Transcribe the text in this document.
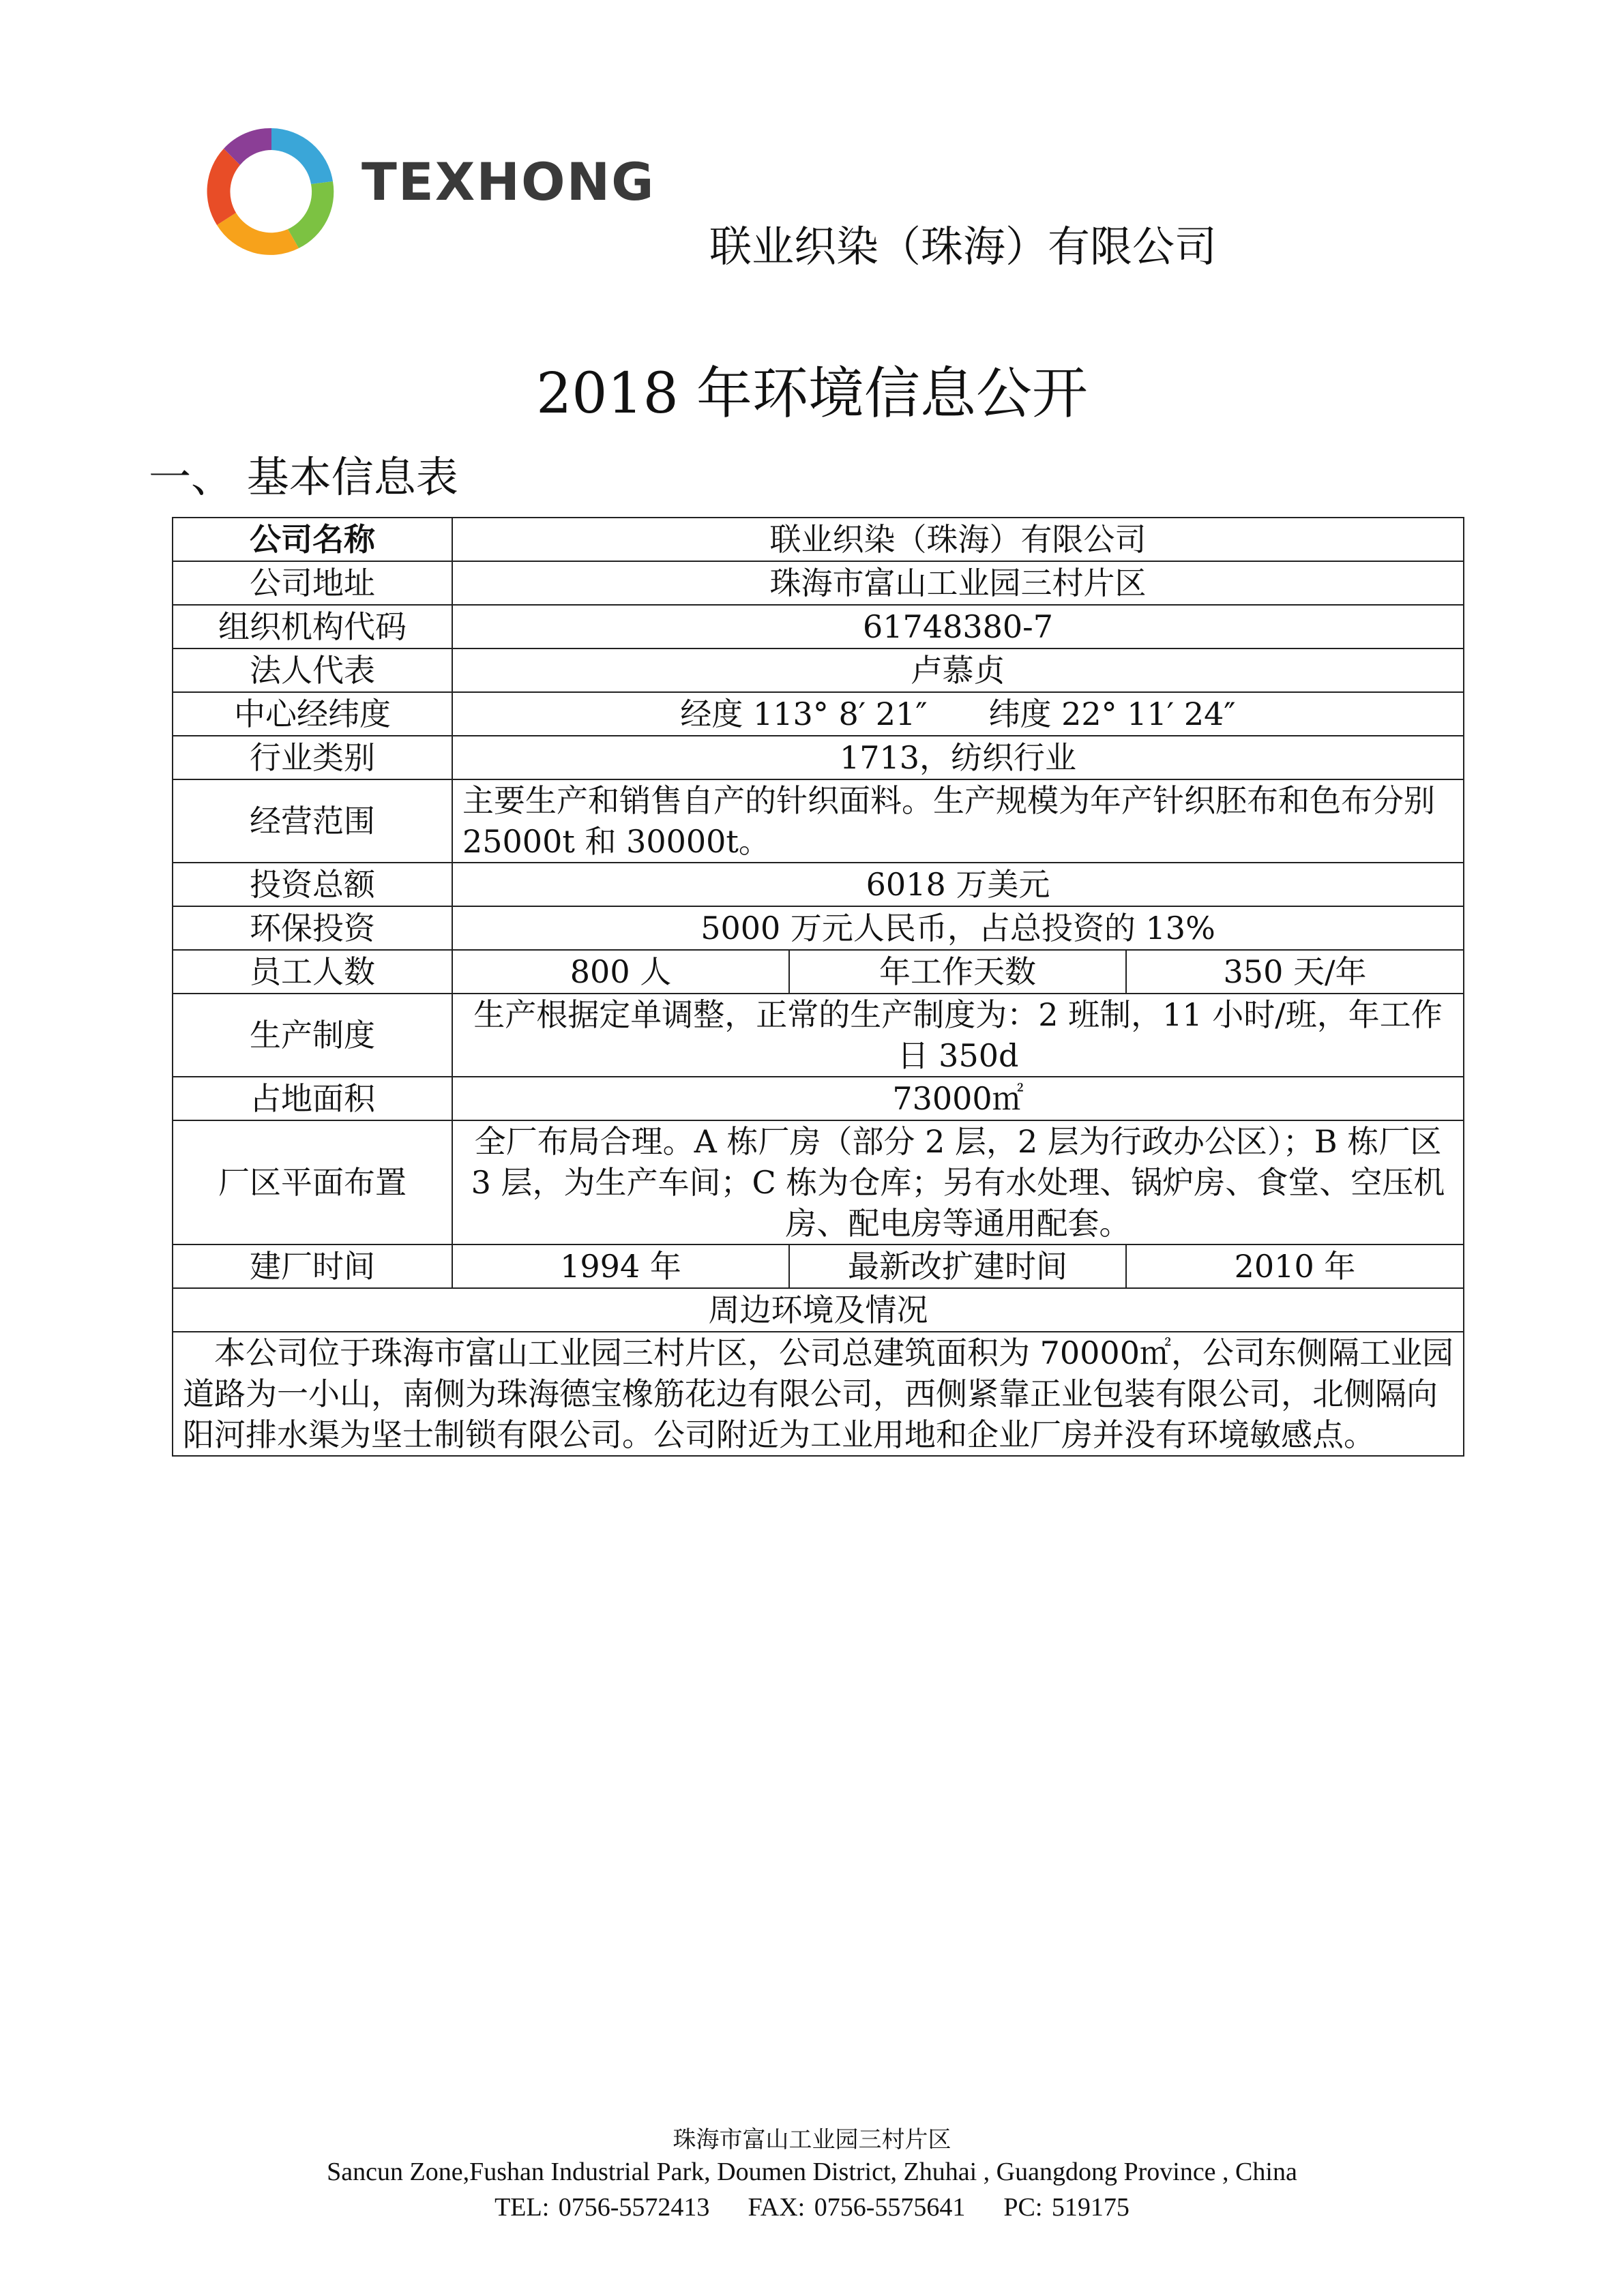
TEXHONG
联业织染（珠海）有限公司
2018 年环境信息公开
一、 基本信息表
公司名称	联业织染（珠海）有限公司		
公司地址	珠海市富山工业园三村片区		
组织机构代码	61748380-7		
法人代表	卢慕贞		
中心经纬度	经度 113° 8′ 21″ 纬度 22° 11′ 24″		
行业类别	1713，纺织行业		
经营范围	主要生产和销售自产的针织面料。生产规模为年产针织胚布和色布分别 25000t 和 30000t。		
投资总额	6018 万美元		
环保投资	5000 万元人民币，占总投资的 13%		
员工人数	800 人	年工作天数	350 天/年
生产制度	生产根据定单调整，正常的生产制度为：2 班制，11 小时/班，年工作日 350d		
占地面积	73000㎡		
厂区平面布置	全厂布局合理。A 栋厂房（部分 2 层，2 层为行政办公区）；B 栋厂区 3 层，为生产车间；C 栋为仓库；另有水处理、锅炉房、食堂、空压机房、配电房等通用配套。		
建厂时间	1994 年	最新改扩建时间	2010 年
周边环境及情况			
本公司位于珠海市富山工业园三村片区，公司总建筑面积为 70000㎡，公司东侧隔工业园道路为一小山，南侧为珠海德宝橡筋花边有限公司，西侧紧靠正业包装有限公司，北侧隔向阳河排水渠为坚士制锁有限公司。公司附近为工业用地和企业厂房并没有环境敏感点。			
珠海市富山工业园三村片区
Sancun Zone,Fushan Industrial Park, Doumen District, Zhuhai , Guangdong Province , China
TEL: 0756-5572413 FAX: 0756-5575641 PC: 519175
